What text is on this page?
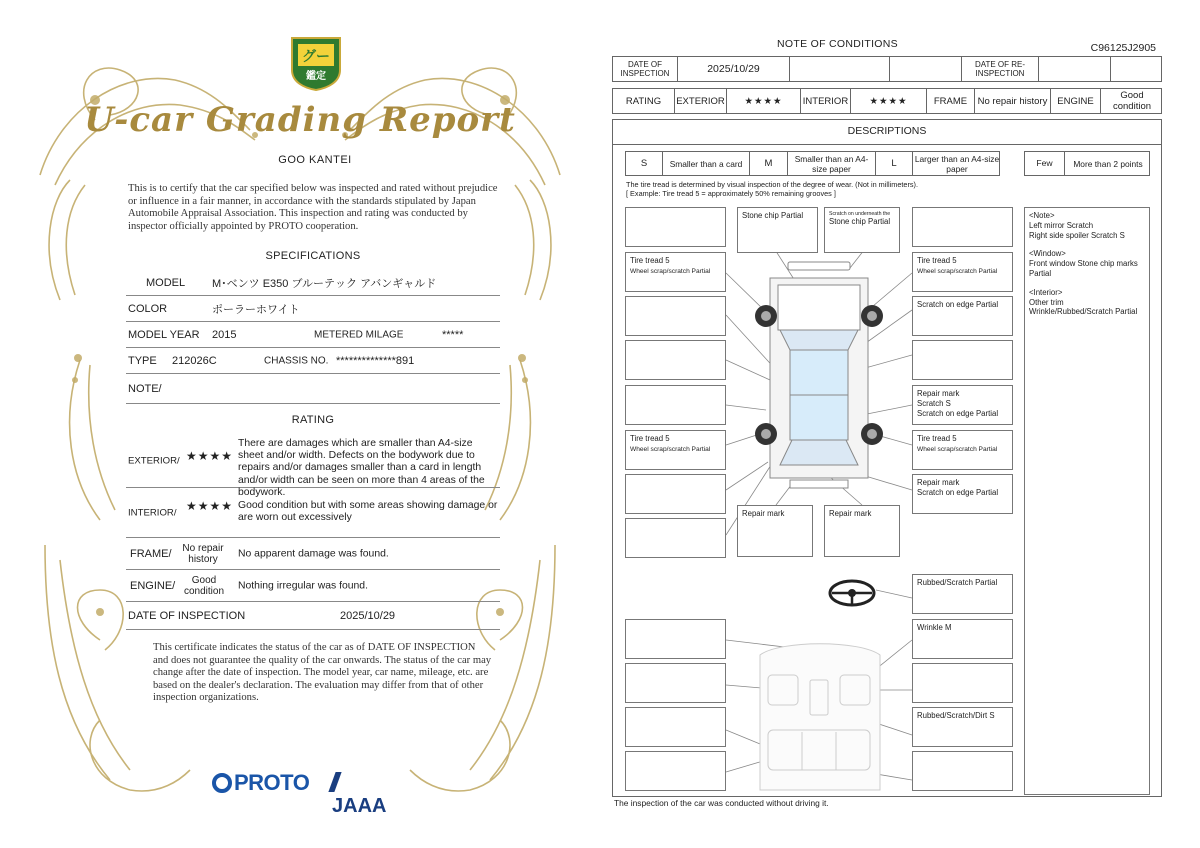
グー
鑑定
U-car Grading Report
GOO KANTEI
This is to certify that the car specified below was inspected and rated without prejudice or influence in a fair manner, in accordance with the standards stipulated by Japan Automobile Appraisal Association. This inspection and rating was conducted by inspector officially appointed by PROTO cooperation.
SPECIFICATIONS
MODEL M･ベンツ E350 ブルーテック アバンギャルド
COLOR	ポーラーホワイト
MODEL YEAR 2015	METERED MILAGE	*****
TYPE 212026C	CHASSIS NO. **************891
NOTE/
RATING
EXTERIOR/ ★★★★
There are damages which are smaller than A4-size sheet and/or width. Defects on the bodywork due to repairs and/or damages smaller than a card in length and/or width can be seen on more than 4 areas of the bodywork.
INTERIOR/ ★★★★ Good condition but with some areas showing damage or are worn out excessively
FRAME/	No repair history	No apparent damage was found.
ENGINE/	Good condition	Nothing irregular was found.
DATE OF INSPECTION	2025/10/29
This certificate indicates the status of the car as of DATE OF INSPECTION and does not guarantee the quality of the car onwards. The status of the car may change after the date of inspection. The model year, car name, mileage, etc. are based on the dealer's declaration. The evaluation may differ from that of other inspection organizations.
PROTO
JAAA
NOTE OF CONDITIONS	C96125J2905
DATE OF INSPECTION	2025/10/29	DATE OF RE-INSPECTION
RATING	EXTERIOR	★★★★	INTERIOR	★★★★	FRAME	No repair history	ENGINE	Good condition
DESCRIPTIONS
S	Smaller than a card	M	Smaller than an A4-size paper	L	Larger than an A4-size paper
Few	More than 2 points
The tire tread is determined by visual inspection of the degree of wear. (Not in millimeters).
[ Example: Tire tread 5 = approximately 50% remaining grooves ]
Stone chip Partial	Scratch on underneath the
Stone chip Partial
Tire tread 5
Wheel scrap/scratch Partial
Tire tread 5
Wheel scrap/scratch Partial
Scratch on edge Partial
Repair mark
Scratch S
Scratch on edge Partial
Tire tread 5
Wheel scrap/scratch Partial
Tire tread 5
Wheel scrap/scratch Partial
Repair mark
Scratch on edge Partial
Repair mark	Repair mark
Rubbed/Scratch Partial
Wrinkle M
Rubbed/Scratch/Dirt S

<Note>
Left mirror Scratch
Right side spoiler Scratch S

<Window>
Front window Stone chip marks Partial

<Interior>
Other trim
Wrinkle/Rubbed/Scratch Partial

The inspection of the car was conducted without driving it.
